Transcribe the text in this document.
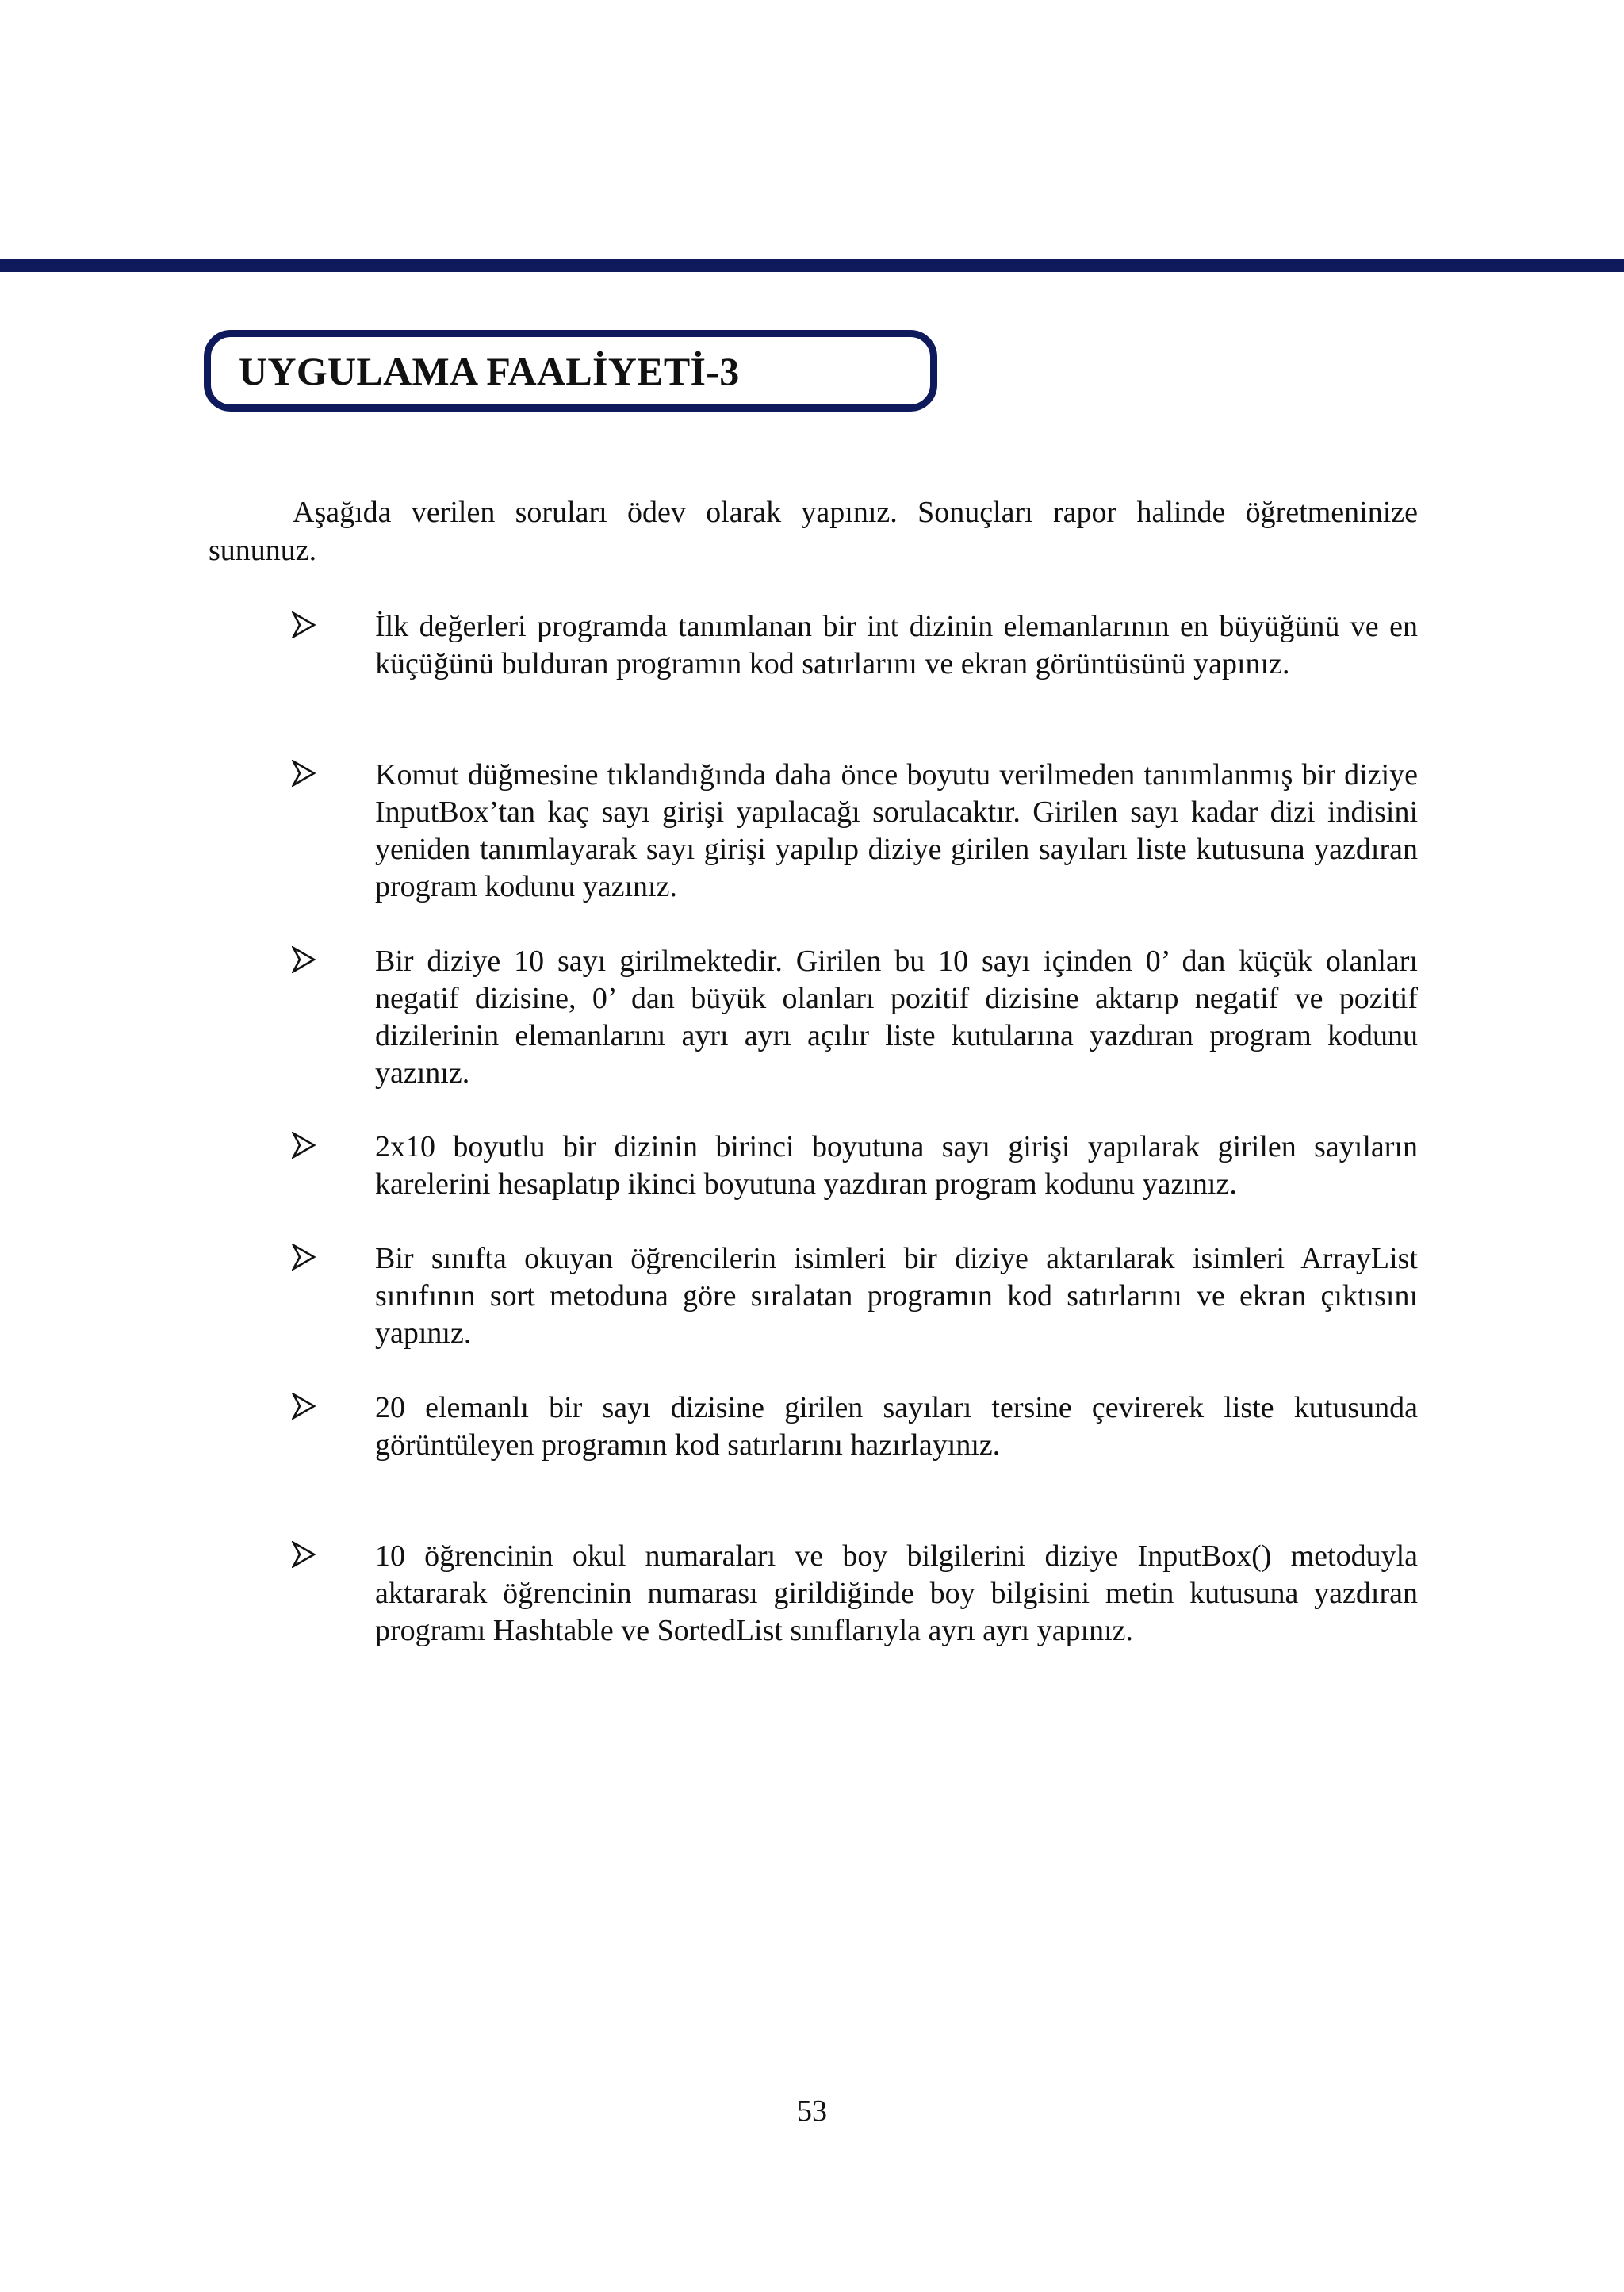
UYGULAMA FAALİYETİ-3

Aşağıda verilen soruları ödev olarak yapınız. Sonuçları rapor halinde öğretmeninize sununuz.

İlk değerleri programda tanımlanan bir int dizinin elemanlarının en büyüğünü ve en küçüğünü bulduran programın kod satırlarını ve ekran görüntüsünü yapınız.

Komut düğmesine tıklandığında daha önce boyutu verilmeden tanımlanmış bir diziye InputBox’tan kaç sayı girişi yapılacağı sorulacaktır. Girilen sayı kadar dizi indisini yeniden tanımlayarak sayı girişi yapılıp diziye girilen sayıları liste kutusuna yazdıran program kodunu yazınız.

Bir diziye 10 sayı girilmektedir. Girilen bu 10 sayı içinden 0’ dan küçük olanları negatif dizisine, 0’ dan büyük olanları pozitif dizisine aktarıp negatif ve pozitif dizilerinin elemanlarını ayrı ayrı açılır liste kutularına yazdıran program kodunu yazınız.

2x10 boyutlu bir dizinin birinci boyutuna sayı girişi yapılarak girilen sayıların karelerini hesaplatıp ikinci boyutuna yazdıran program kodunu yazınız.

Bir sınıfta okuyan öğrencilerin isimleri bir diziye aktarılarak isimleri ArrayList sınıfının sort metoduna göre sıralatan programın kod satırlarını ve ekran çıktısını yapınız.

20 elemanlı bir sayı dizisine girilen sayıları tersine çevirerek liste kutusunda görüntüleyen programın kod satırlarını hazırlayınız.

10 öğrencinin okul numaraları ve boy bilgilerini diziye InputBox() metoduyla aktararak öğrencinin numarası girildiğinde boy bilgisini metin kutusuna yazdıran programı Hashtable ve SortedList sınıflarıyla ayrı ayrı yapınız.

53
